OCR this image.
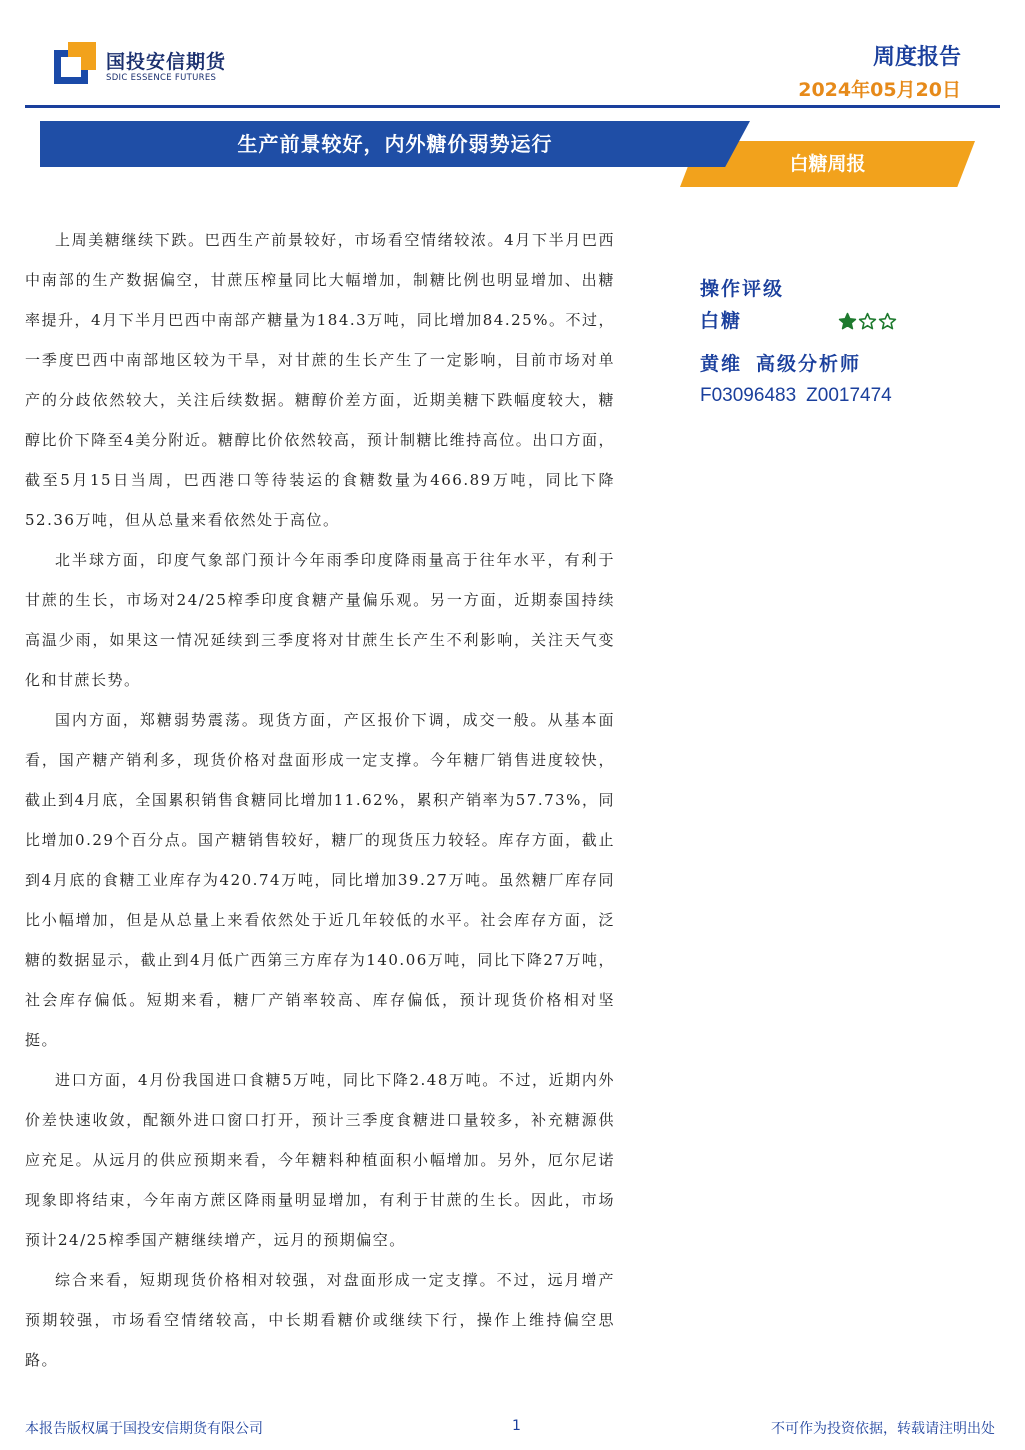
国投安信期货
SDIC ESSENCE FUTURES
周度报告
2024年05月20日
生产前景较好，内外糖价弱势运行
白糖周报

上周美糖继续下跌。巴西生产前景较好，市场看空情绪较浓。4月下半月巴西中南部的生产数据偏空，甘蔗压榨量同比大幅增加，制糖比例也明显增加、出糖率提升，4月下半月巴西中南部产糖量为184.3万吨，同比增加84.25%。不过，一季度巴西中南部地区较为干旱，对甘蔗的生长产生了一定影响，目前市场对单产的分歧依然较大，关注后续数据。糖醇价差方面，近期美糖下跌幅度较大，糖醇比价下降至4美分附近。糖醇比价依然较高，预计制糖比维持高位。出口方面，截至5月15日当周，巴西港口等待装运的食糖数量为466.89万吨，同比下降52.36万吨，但从总量来看依然处于高位。

北半球方面，印度气象部门预计今年雨季印度降雨量高于往年水平，有利于甘蔗的生长，市场对24/25榨季印度食糖产量偏乐观。另一方面，近期泰国持续高温少雨，如果这一情况延续到三季度将对甘蔗生长产生不利影响，关注天气变化和甘蔗长势。

国内方面，郑糖弱势震荡。现货方面，产区报价下调，成交一般。从基本面看，国产糖产销利多，现货价格对盘面形成一定支撑。今年糖厂销售进度较快，截止到4月底，全国累积销售食糖同比增加11.62%，累积产销率为57.73%，同比增加0.29个百分点。国产糖销售较好，糖厂的现货压力较轻。库存方面，截止到4月底的食糖工业库存为420.74万吨，同比增加39.27万吨。虽然糖厂库存同比小幅增加，但是从总量上来看依然处于近几年较低的水平。社会库存方面，泛糖的数据显示，截止到4月低广西第三方库存为140.06万吨，同比下降27万吨，社会库存偏低。短期来看，糖厂产销率较高、库存偏低，预计现货价格相对坚挺。

进口方面，4月份我国进口食糖5万吨，同比下降2.48万吨。不过，近期内外价差快速收敛，配额外进口窗口打开，预计三季度食糖进口量较多，补充糖源供应充足。从远月的供应预期来看，今年糖料种植面积小幅增加。另外，厄尔尼诺现象即将结束，今年南方蔗区降雨量明显增加，有利于甘蔗的生长。因此，市场预计24/25榨季国产糖继续增产，远月的预期偏空。

综合来看，短期现货价格相对较强，对盘面形成一定支撑。不过，远月增产预期较强，市场看空情绪较高，中长期看糖价或继续下行，操作上维持偏空思路。

操作评级
白糖
黄维 高级分析师
F03096483 Z0017474
本报告版权属于国投安信期货有限公司	1	不可作为投资依据，转载请注明出处
